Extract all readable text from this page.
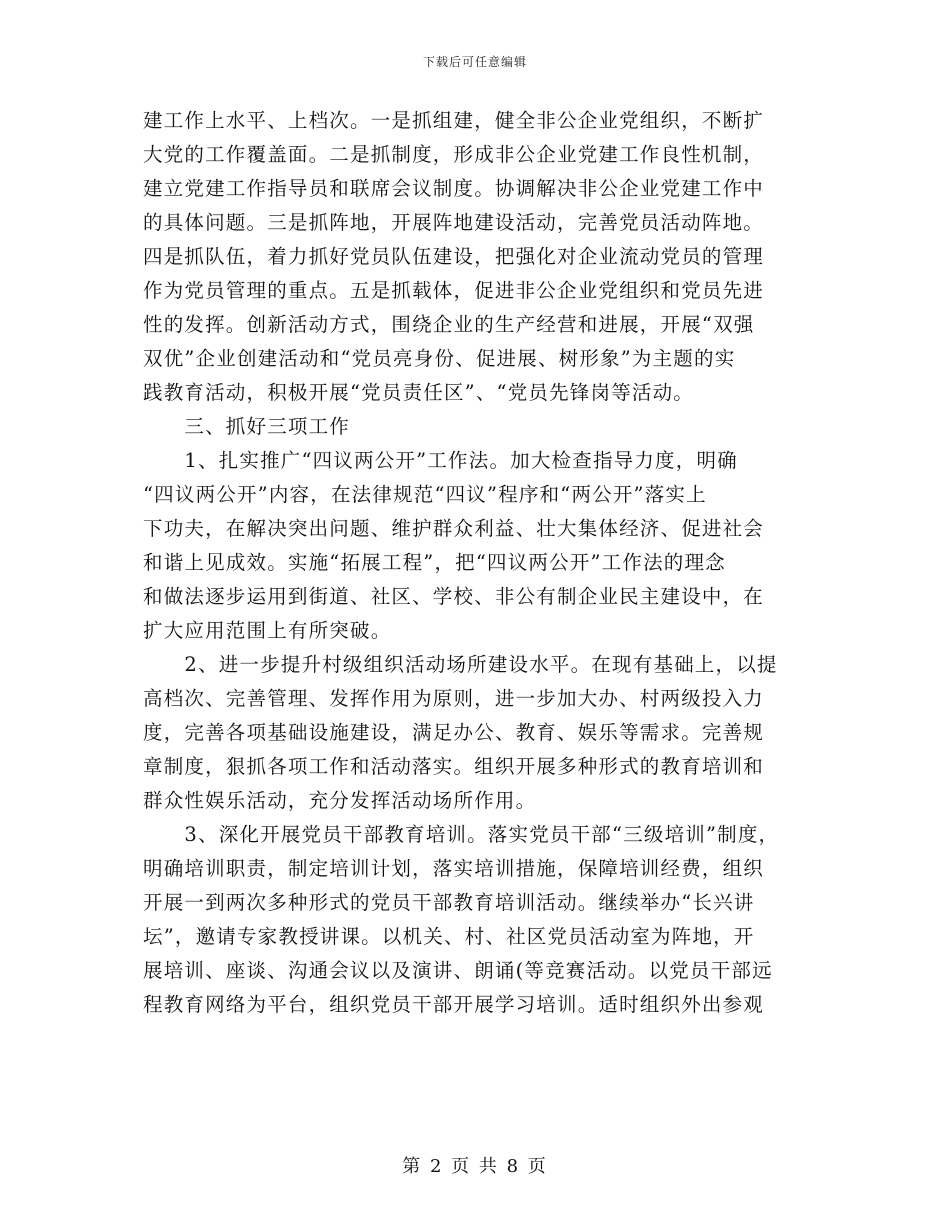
下载后可任意编辑
建工作上水平、上档次。一是抓组建，健全非公企业党组织，不断扩
大党的工作覆盖面。二是抓制度，形成非公企业党建工作良性机制，
建立党建工作指导员和联席会议制度。协调解决非公企业党建工作中
的具体问题。三是抓阵地，开展阵地建设活动，完善党员活动阵地。
四是抓队伍，着力抓好党员队伍建设，把强化对企业流动党员的管理
作为党员管理的重点。五是抓载体，促进非公企业党组织和党员先进
性的发挥。创新活动方式，围绕企业的生产经营和进展，开展“双强
双优”企业创建活动和“党员亮身份、促进展、树形象”为主题的实
践教育活动，积极开展“党员责任区”、“党员先锋岗等活动。
　　三、抓好三项工作
　　1、扎实推广“四议两公开”工作法。加大检查指导力度，明确
“四议两公开”内容，在法律规范“四议”程序和“两公开”落实上
下功夫，在解决突出问题、维护群众利益、壮大集体经济、促进社会
和谐上见成效。实施“拓展工程”，把“四议两公开”工作法的理念
和做法逐步运用到街道、社区、学校、非公有制企业民主建设中，在
扩大应用范围上有所突破。
　　2、进一步提升村级组织活动场所建设水平。在现有基础上，以提
高档次、完善管理、发挥作用为原则，进一步加大办、村两级投入力
度，完善各项基础设施建设，满足办公、教育、娱乐等需求。完善规
章制度，狠抓各项工作和活动落实。组织开展多种形式的教育培训和
群众性娱乐活动，充分发挥活动场所作用。
　　3、深化开展党员干部教育培训。落实党员干部“三级培训”制度，
明确培训职责，制定培训计划，落实培训措施，保障培训经费，组织
开展一到两次多种形式的党员干部教育培训活动。继续举办“长兴讲
坛”，邀请专家教授讲课。以机关、村、社区党员活动室为阵地，开
展培训、座谈、沟通会议以及演讲、朗诵(等竞赛活动。以党员干部远
程教育网络为平台，组织党员干部开展学习培训。适时组织外出参观
第 2 页 共 8 页
